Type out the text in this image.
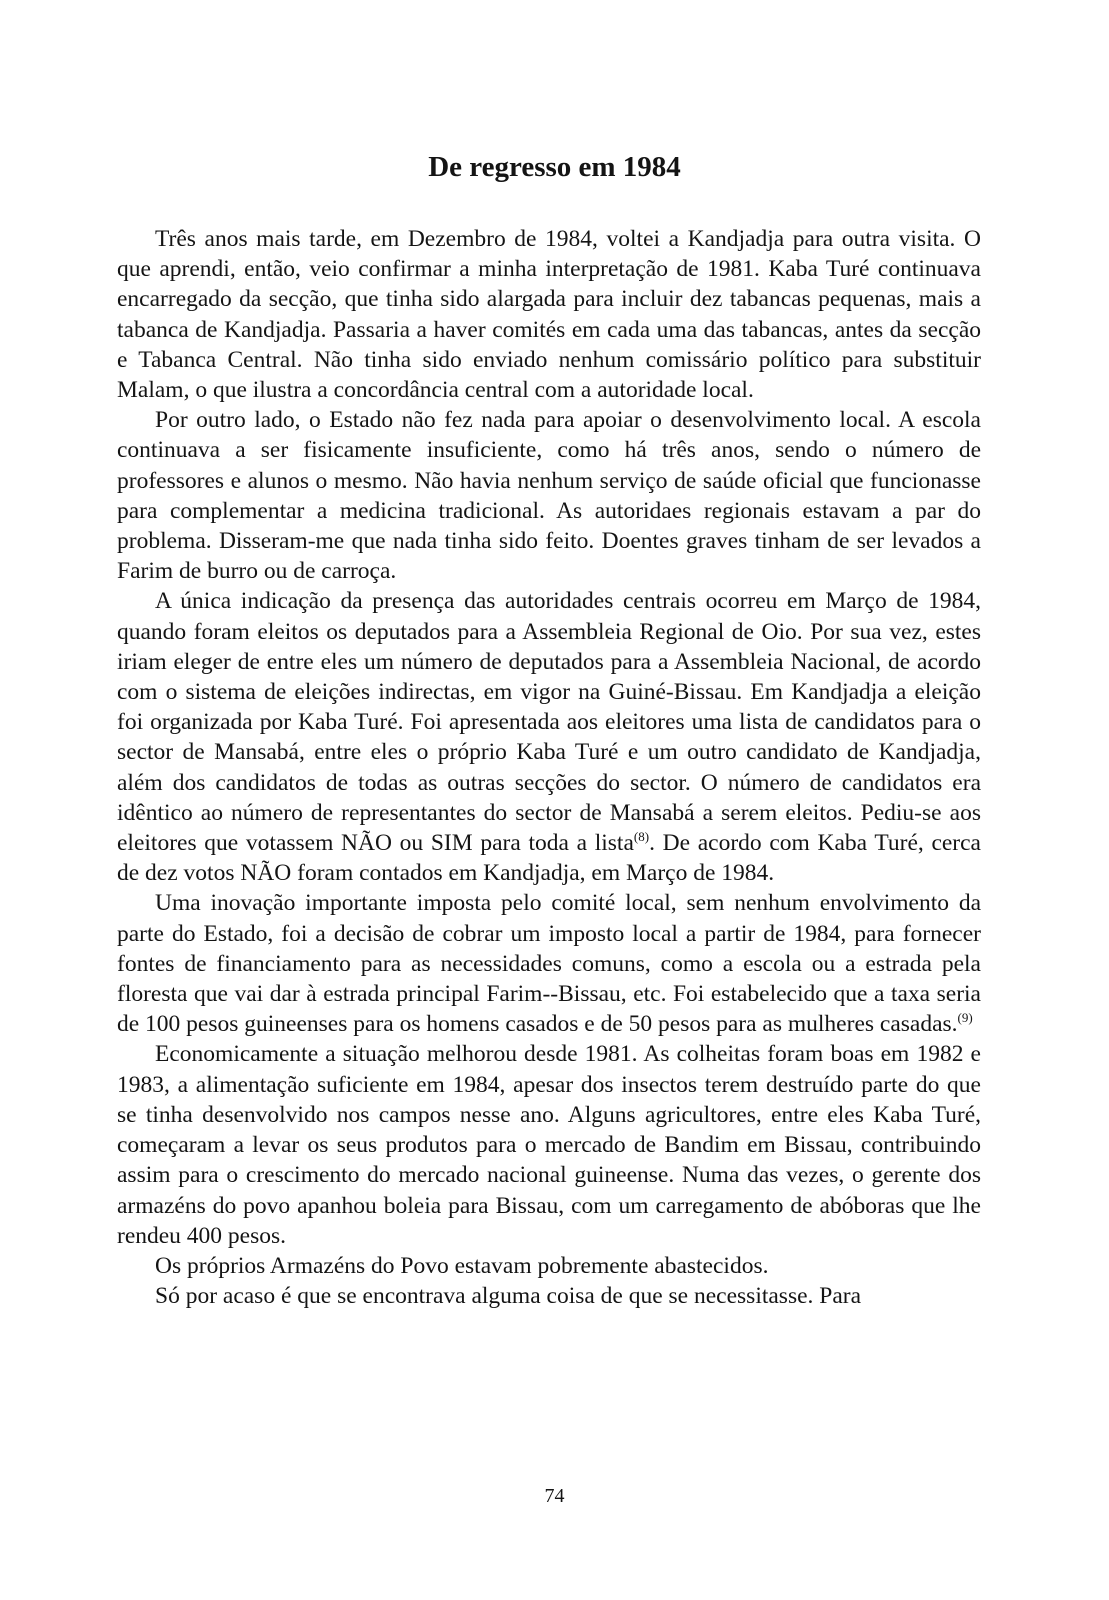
De regresso em 1984

Três anos mais tarde, em Dezembro de 1984, voltei a Kandjadja para outra visita. O que aprendi, então, veio confirmar a minha interpretação de 1981. Kaba Turé continuava encarregado da secção, que tinha sido alargada para incluir dez tabancas pequenas, mais a tabanca de Kandjadja. Passaria a haver comités em cada uma das tabancas, antes da secção e Tabanca Central. Não tinha sido enviado nenhum comissário político para substituir Malam, o que ilustra a concordância central com a autoridade local.

Por outro lado, o Estado não fez nada para apoiar o desenvolvimento local. A escola continuava a ser fisicamente insuficiente, como há três anos, sendo o número de professores e alunos o mesmo. Não havia nenhum serviço de saúde oficial que funcionasse para complementar a medicina tradicional. As autoridaes regionais estavam a par do problema. Disseram-me que nada tinha sido feito. Doentes graves tinham de ser levados a Farim de burro ou de carroça.

A única indicação da presença das autoridades centrais ocorreu em Março de 1984, quando foram eleitos os deputados para a Assembleia Regional de Oio. Por sua vez, estes iriam eleger de entre eles um número de deputados para a Assembleia Nacional, de acordo com o sistema de eleições indirectas, em vigor na Guiné-Bissau. Em Kandjadja a eleição foi organizada por Kaba Turé. Foi apresentada aos eleitores uma lista de candidatos para o sector de Mansabá, entre eles o próprio Kaba Turé e um outro candidato de Kandjadja, além dos candidatos de todas as outras secções do sector. O número de candidatos era idêntico ao número de representantes do sector de Mansabá a serem eleitos. Pediu-se aos eleitores que votassem NÃO ou SIM para toda a lista$^{(8)}$. De acordo com Kaba Turé, cerca de dez votos NÃO foram contados em Kandjadja, em Março de 1984.

Uma inovação importante imposta pelo comité local, sem nenhum envolvimento da parte do Estado, foi a decisão de cobrar um imposto local a partir de 1984, para fornecer fontes de financiamento para as necessidades comuns, como a escola ou a estrada pela floresta que vai dar à estrada principal Farim-​-Bissau, etc. Foi estabelecido que a taxa seria de 100 pesos guineenses para os homens casados e de 50 pesos para as mulheres casadas.$^{(9)}$

Economicamente a situação melhorou desde 1981. As colheitas foram boas em 1982 e 1983, a alimentação suficiente em 1984, apesar dos insectos terem destruído parte do que se tinha desenvolvido nos campos nesse ano. Alguns agricultores, entre eles Kaba Turé, começaram a levar os seus produtos para o mercado de Bandim em Bissau, contribuindo assim para o crescimento do mercado nacional guineense. Numa das vezes, o gerente dos armazéns do povo apanhou boleia para Bissau, com um carregamento de abóboras que lhe rendeu 400 pesos.

Os próprios Armazéns do Povo estavam pobremente abastecidos.

Só por acaso é que se encontrava alguma coisa de que se necessitasse. Para

74
